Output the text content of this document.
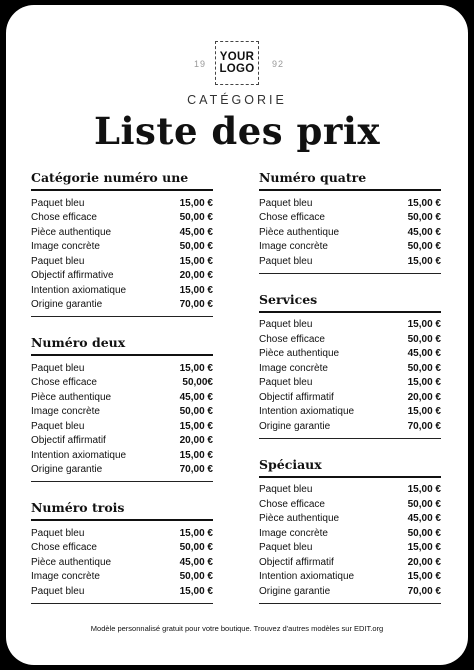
19
YOUR
LOGO 92
CATÉGORIE
Liste des prix
Catégorie numéro une
Paquet bleu	15,00 €
Chose efficace	50,00 €
Pièce authentique	45,00 €
Image concrète	50,00 €
Paquet bleu	15,00 €
Objectif affirmative	20,00 €
Intention axiomatique	15,00 €
Origine garantie	70,00 €
Numéro deux
Paquet bleu	15,00 €
Chose efficace	50,00€
Pièce authentique	45,00 €
Image concrète	50,00 €
Paquet bleu	15,00 €
Objectif affirmatif	20,00 €
Intention axiomatique	15,00 €
Origine garantie	70,00 €
Numéro trois
Paquet bleu	15,00 €
Chose efficace	50,00 €
Pièce authentique	45,00 €
Image concrète	50,00 €
Paquet bleu	15,00 €
Numéro quatre
Paquet bleu	15,00 €
Chose efficace	50,00 €
Pièce authentique	45,00 €
Image concrète	50,00 €
Paquet bleu	15,00 €
Services
Paquet bleu	15,00 €
Chose efficace	50,00 €
Pièce authentique	45,00 €
Image concrète	50,00 €
Paquet bleu	15,00 €
Objectif affirmatif	20,00 €
Intention axiomatique	15,00 €
Origine garantie	70,00 €
Spéciaux
Paquet bleu	15,00 €
Chose efficace	50,00 €
Pièce authentique	45,00 €
Image concrète	50,00 €
Paquet bleu	15,00 €
Objectif affirmatif	20,00 €
Intention axiomatique	15,00 €
Origine garantie	70,00 €
Modèle personnalisé gratuit pour votre boutique. Trouvez d'autres modèles sur EDIT.org
